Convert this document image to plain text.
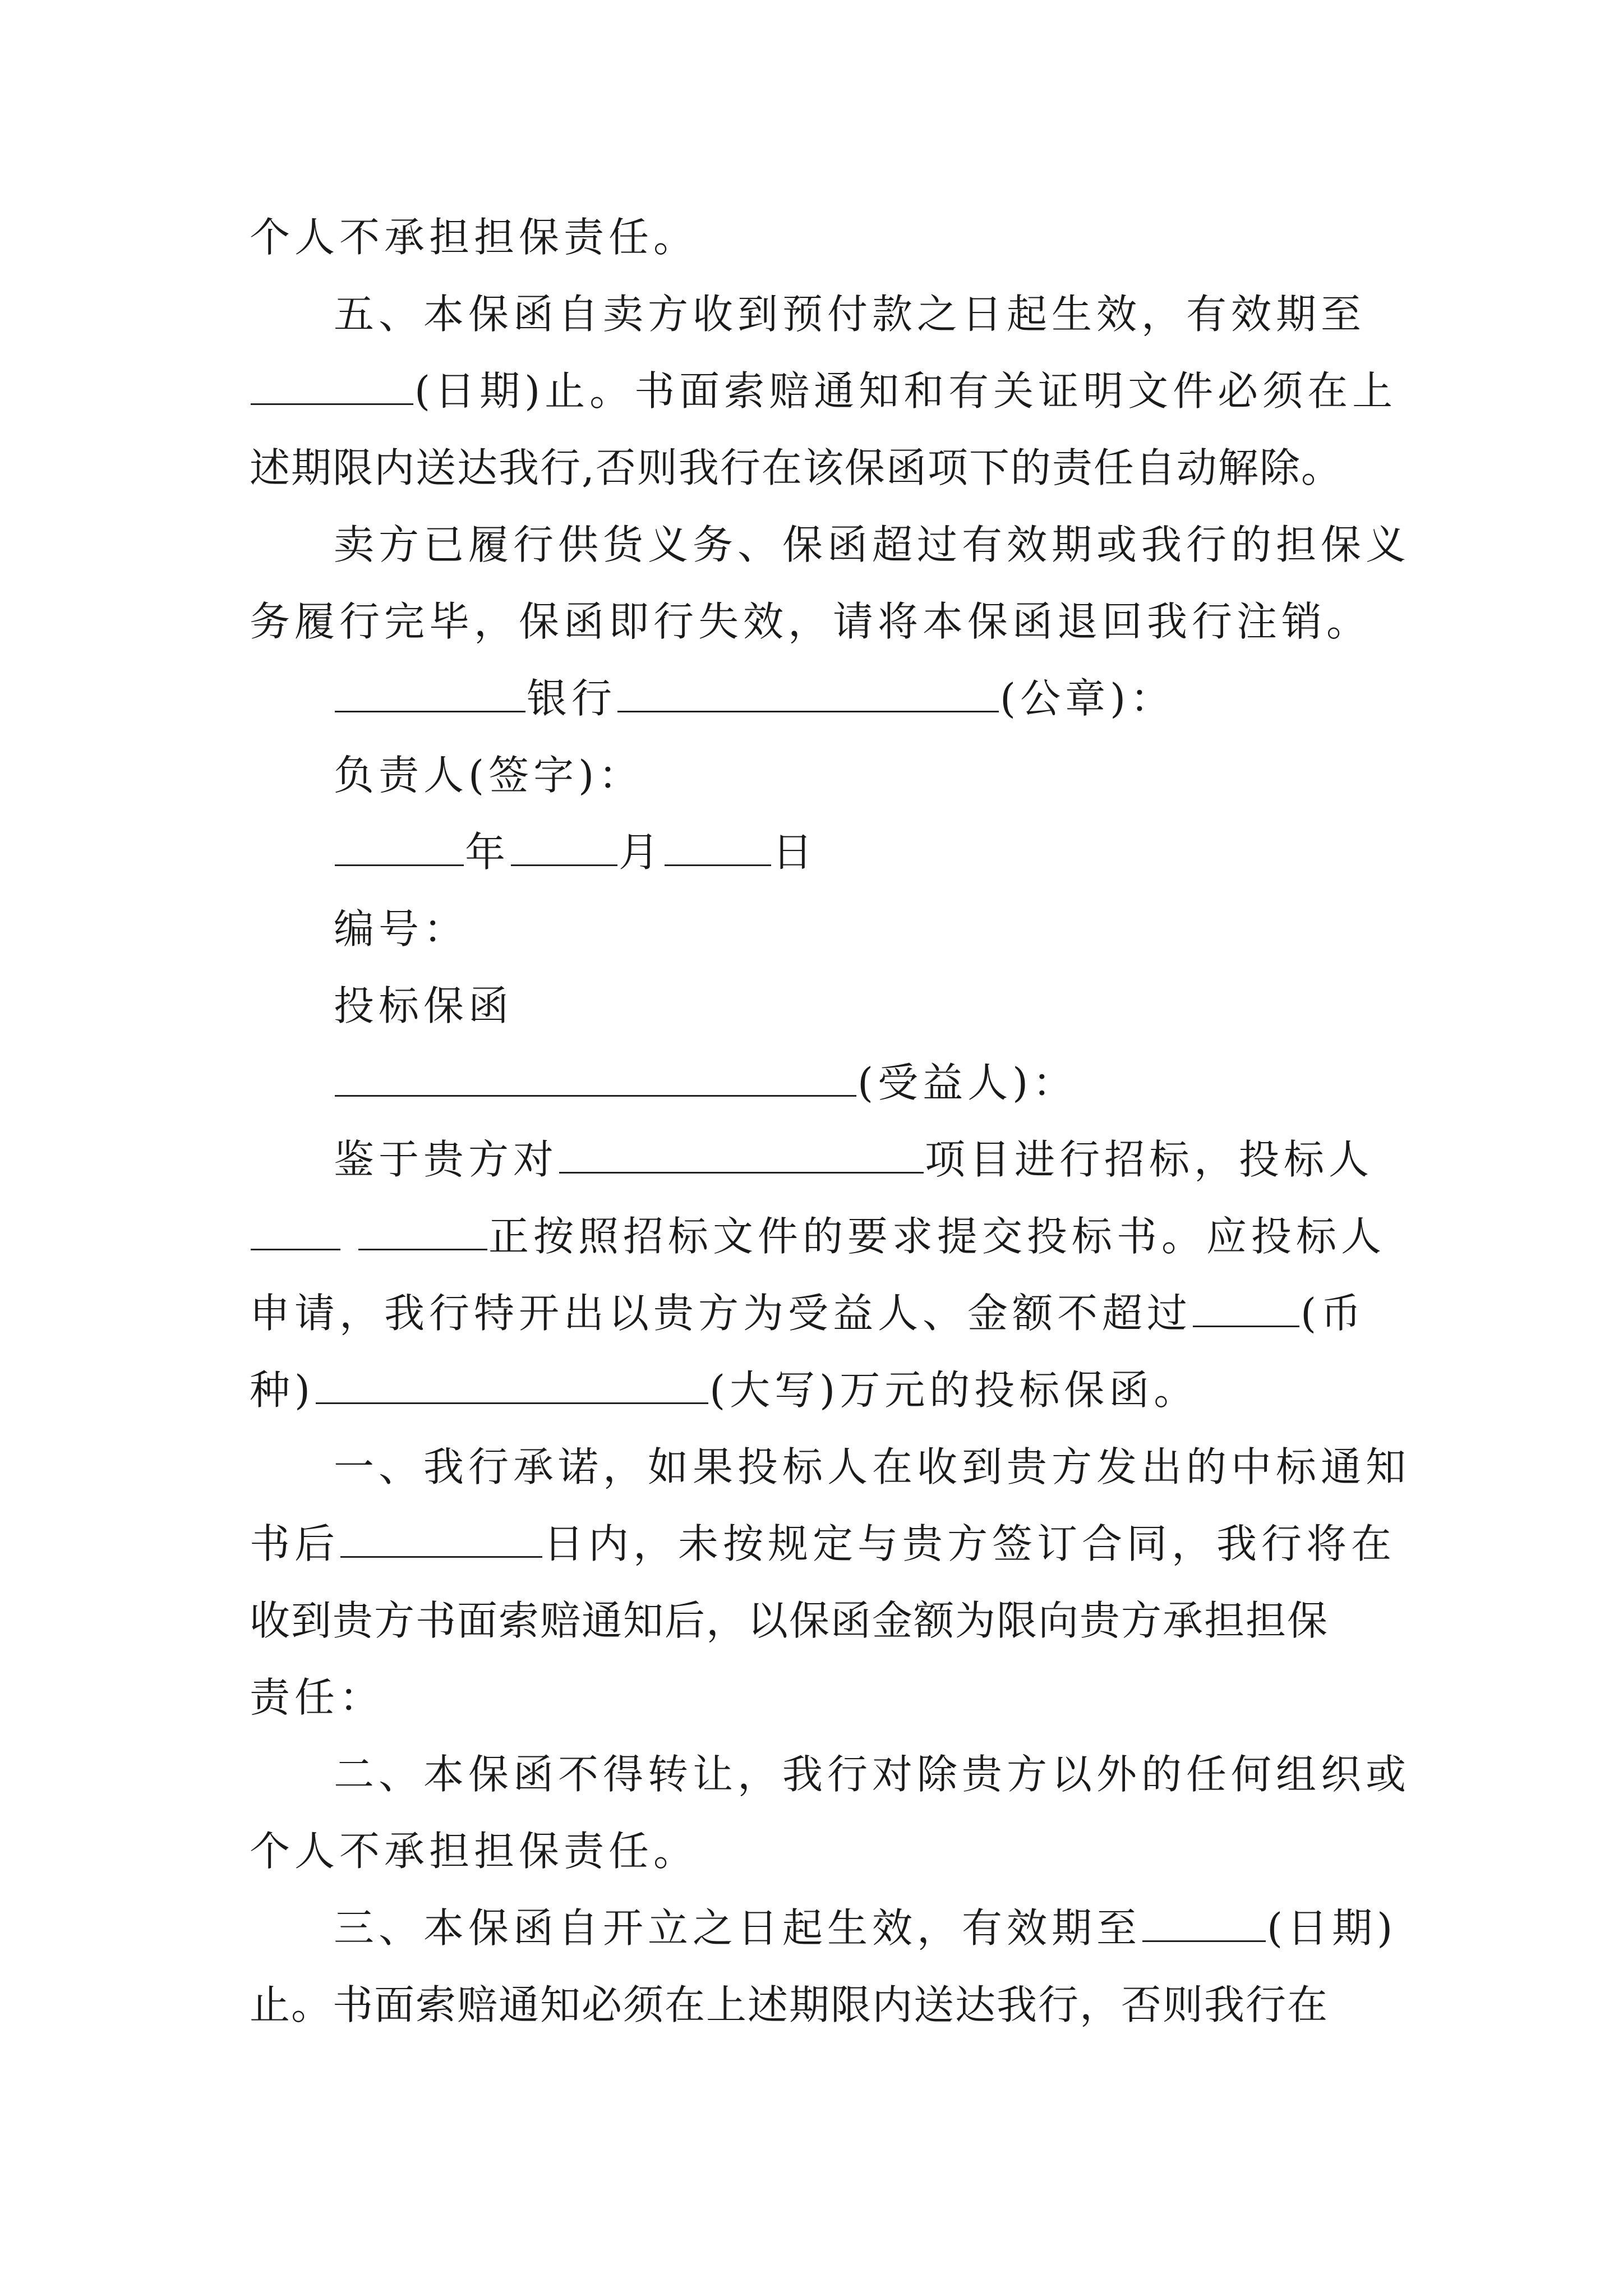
个人不承担担保责任。
五、本保函自卖方收到预付款之日起生效，有效期至
(日期)止。书面索赔通知和有关证明文件必须在上
述期限内送达我行,否则我行在该保函项下的责任自动解除。
卖方已履行供货义务、保函超过有效期或我行的担保义
务履行完毕，保函即行失效，请将本保函退回我行注销。
银行	(公章)：
负责人(签字)：
年	月	日
编号：
投标保函
(受益人)：
鉴于贵方对	项目进行招标，投标人
正按照招标文件的要求提交投标书。应投标人
申请，我行特开出以贵方为受益人、金额不超过	(币
种)	(大写)万元的投标保函。
一、我行承诺，如果投标人在收到贵方发出的中标通知
书后	日内，未按规定与贵方签订合同，我行将在
收到贵方书面索赔通知后，以保函金额为限向贵方承担担保
责任：
二、本保函不得转让，我行对除贵方以外的任何组织或
个人不承担担保责任。
三、本保函自开立之日起生效，有效期至	(日期)
止。书面索赔通知必须在上述期限内送达我行，否则我行在
